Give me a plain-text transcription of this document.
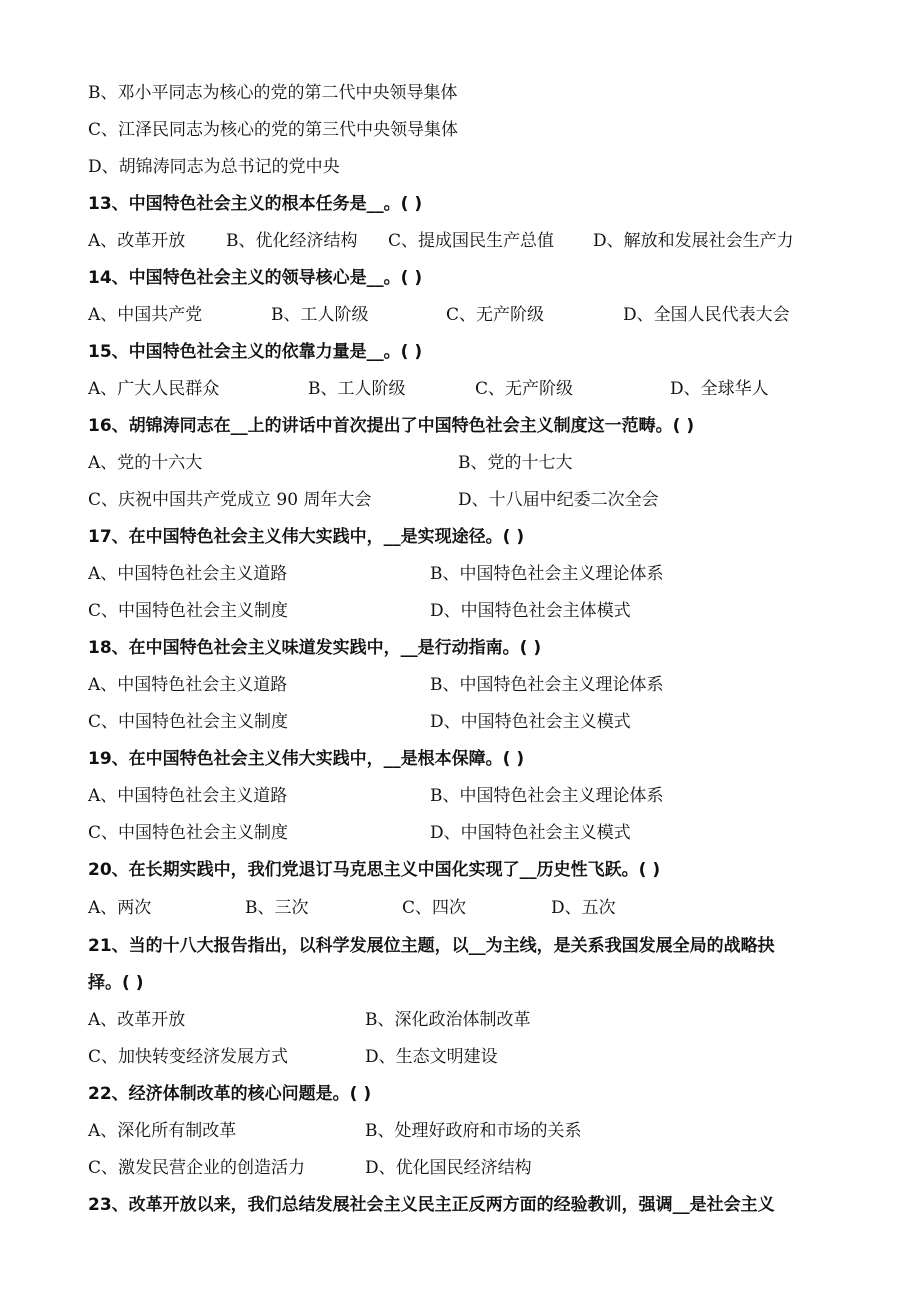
B、邓小平同志为核心的党的第二代中央领导集体
C、江泽民同志为核心的党的第三代中央领导集体
D、胡锦涛同志为总书记的党中央
13、中国特色社会主义的根本任务是__。( )
A、改革开放 B、优化经济结构 C、提成国民生产总值 D、解放和发展社会生产力
14、中国特色社会主义的领导核心是__。( )
A、中国共产党	B、工人阶级	C、无产阶级	D、全国人民代表大会
15、中国特色社会主义的依靠力量是__。( )
A、广大人民群众	B、工人阶级	C、无产阶级	D、全球华人
16、胡锦涛同志在__上的讲话中首次提出了中国特色社会主义制度这一范畴。( )
A、党的十六大	B、党的十七大
C、庆祝中国共产党成立 90 周年大会	D、十八届中纪委二次全会
17、在中国特色社会主义伟大实践中，__是实现途径。( )
A、中国特色社会主义道路	B、中国特色社会主义理论体系
C、中国特色社会主义制度	D、中国特色社会主体模式
18、在中国特色社会主义味道发实践中，__是行动指南。( )
A、中国特色社会主义道路	B、中国特色社会主义理论体系
C、中国特色社会主义制度	D、中国特色社会主义模式
19、在中国特色社会主义伟大实践中，__是根本保障。( )
A、中国特色社会主义道路	B、中国特色社会主义理论体系
C、中国特色社会主义制度	D、中国特色社会主义模式
20、在长期实践中，我们党退订马克思主义中国化实现了__历史性飞跃。( )
A、两次	B、三次	C、四次	D、五次
21、当的十八大报告指出，以科学发展位主题，以__为主线，是关系我国发展全局的战略抉
择。( )
A、改革开放	B、深化政治体制改革
C、加快转变经济发展方式	D、生态文明建设
22、经济体制改革的核心问题是。( )
A、深化所有制改革	B、处理好政府和市场的关系
C、激发民营企业的创造活力	D、优化国民经济结构
23、改革开放以来，我们总结发展社会主义民主正反两方面的经验教训，强调__是社会主义
